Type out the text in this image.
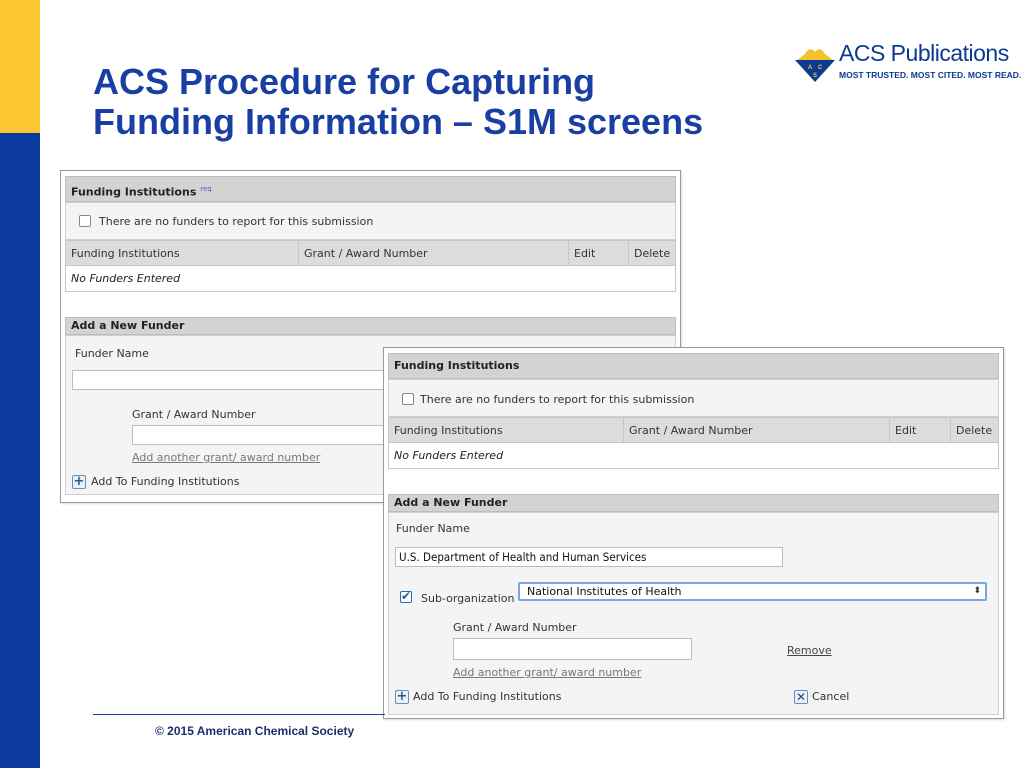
ACS Procedure for Capturing
Funding Information – S1M screens
A C
S
ACS Publications
MOST TRUSTED. MOST CITED. MOST READ.
Funding Institutions $^{req}$
There are no funders to report for this submission
Funding Institutions	Grant / Award Number	Edit	Delete
No Funders Entered
Add a New Funder
Funder Name
Grant / Award Number
Add another grant/ award number
+ Add To Funding Institutions
Funding Institutions
There are no funders to report for this submission
Funding Institutions	Grant / Award Number	Edit	Delete
No Funders Entered
Add a New Funder
Funder Name
U.S. Department of Health and Human Services
✔
Sub-organization
National Institutes of Health	⬍
Grant / Award Number
Remove
Add another grant/ award number
+ Add To Funding Institutions	✕ Cancel
© 2015 American Chemical Society
